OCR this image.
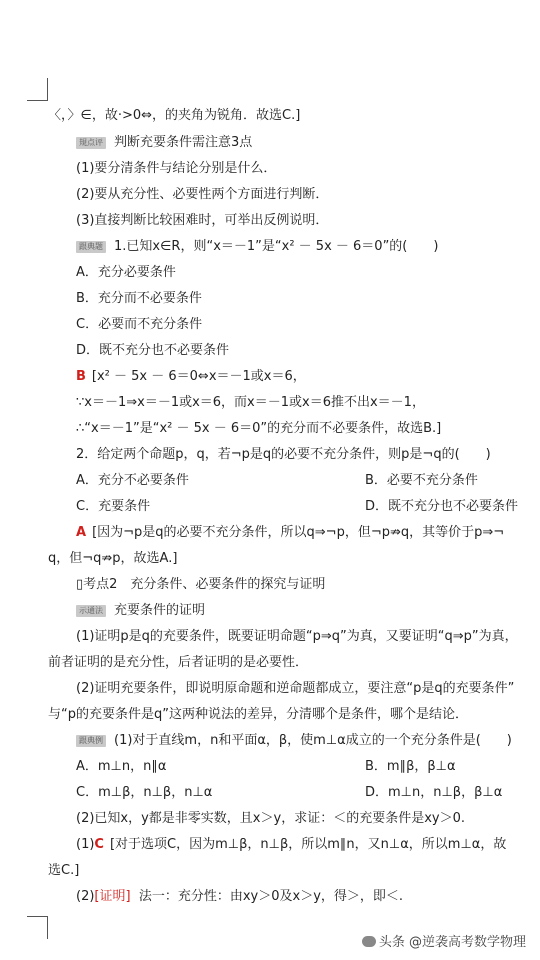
〈，〉∈，故·>0⇔，的夹角为锐角．故选C.]
規点评 判断充要条件需注意3点
(1)要分清条件与结论分别是什么．
(2)要从充分性、必要性两个方面进行判断．
(3)直接判断比较困难时，可举出反例说明．
跟典题 1.已知x∈R，则“x＝－1”是“x² － 5x － 6＝0”的(　　)
A．充分必要条件
B．充分而不必要条件
C．必要而不充分条件
D．既不充分也不必要条件
B [x² － 5x － 6＝0⇔x＝－1或x＝6，
∵x＝－1⇒x＝－1或x＝6，而x＝－1或x＝6推不出x＝－1，
∴“x＝－1”是“x² － 5x － 6＝0”的充分而不必要条件，故选B.]
2．给定两个命题p，q，若¬p是q的必要不充分条件，则p是¬q的(　　)
A．充分不必要条件	B．必要不充分条件
C．充要条件	D．既不充分也不必要条件
A [因为¬p是q的必要不充分条件，所以q⇒¬p，但¬p⇏q，其等价于p⇒¬
q，但¬q⇏p，故选A.]
▯考点2　充分条件、必要条件的探究与证明
示通法 充要条件的证明
(1)证明p是q的充要条件，既要证明命题“p⇒q”为真，又要证明“q⇒p”为真，
前者证明的是充分性，后者证明的是必要性．
(2)证明充要条件，即说明原命题和逆命题都成立，要注意“p是q的充要条件”
与“p的充要条件是q”这两种说法的差异，分清哪个是条件，哪个是结论．
跟典例 (1)对于直线m，n和平面α，β，使m⊥α成立的一个充分条件是(　　)
A．m⊥n，n∥α	B．m∥β，β⊥α
C．m⊥β，n⊥β，n⊥α	D．m⊥n，n⊥β，β⊥α
(2)已知x，y都是非零实数，且x＞y，求证：＜的充要条件是xy＞0.
(1)C [对于选项C，因为m⊥β，n⊥β，所以m∥n，又n⊥α，所以m⊥α，故
选C.]
(2)[证明] 法一：充分性：由xy＞0及x＞y，得＞，即＜.
头条 @逆袭高考数学物理
